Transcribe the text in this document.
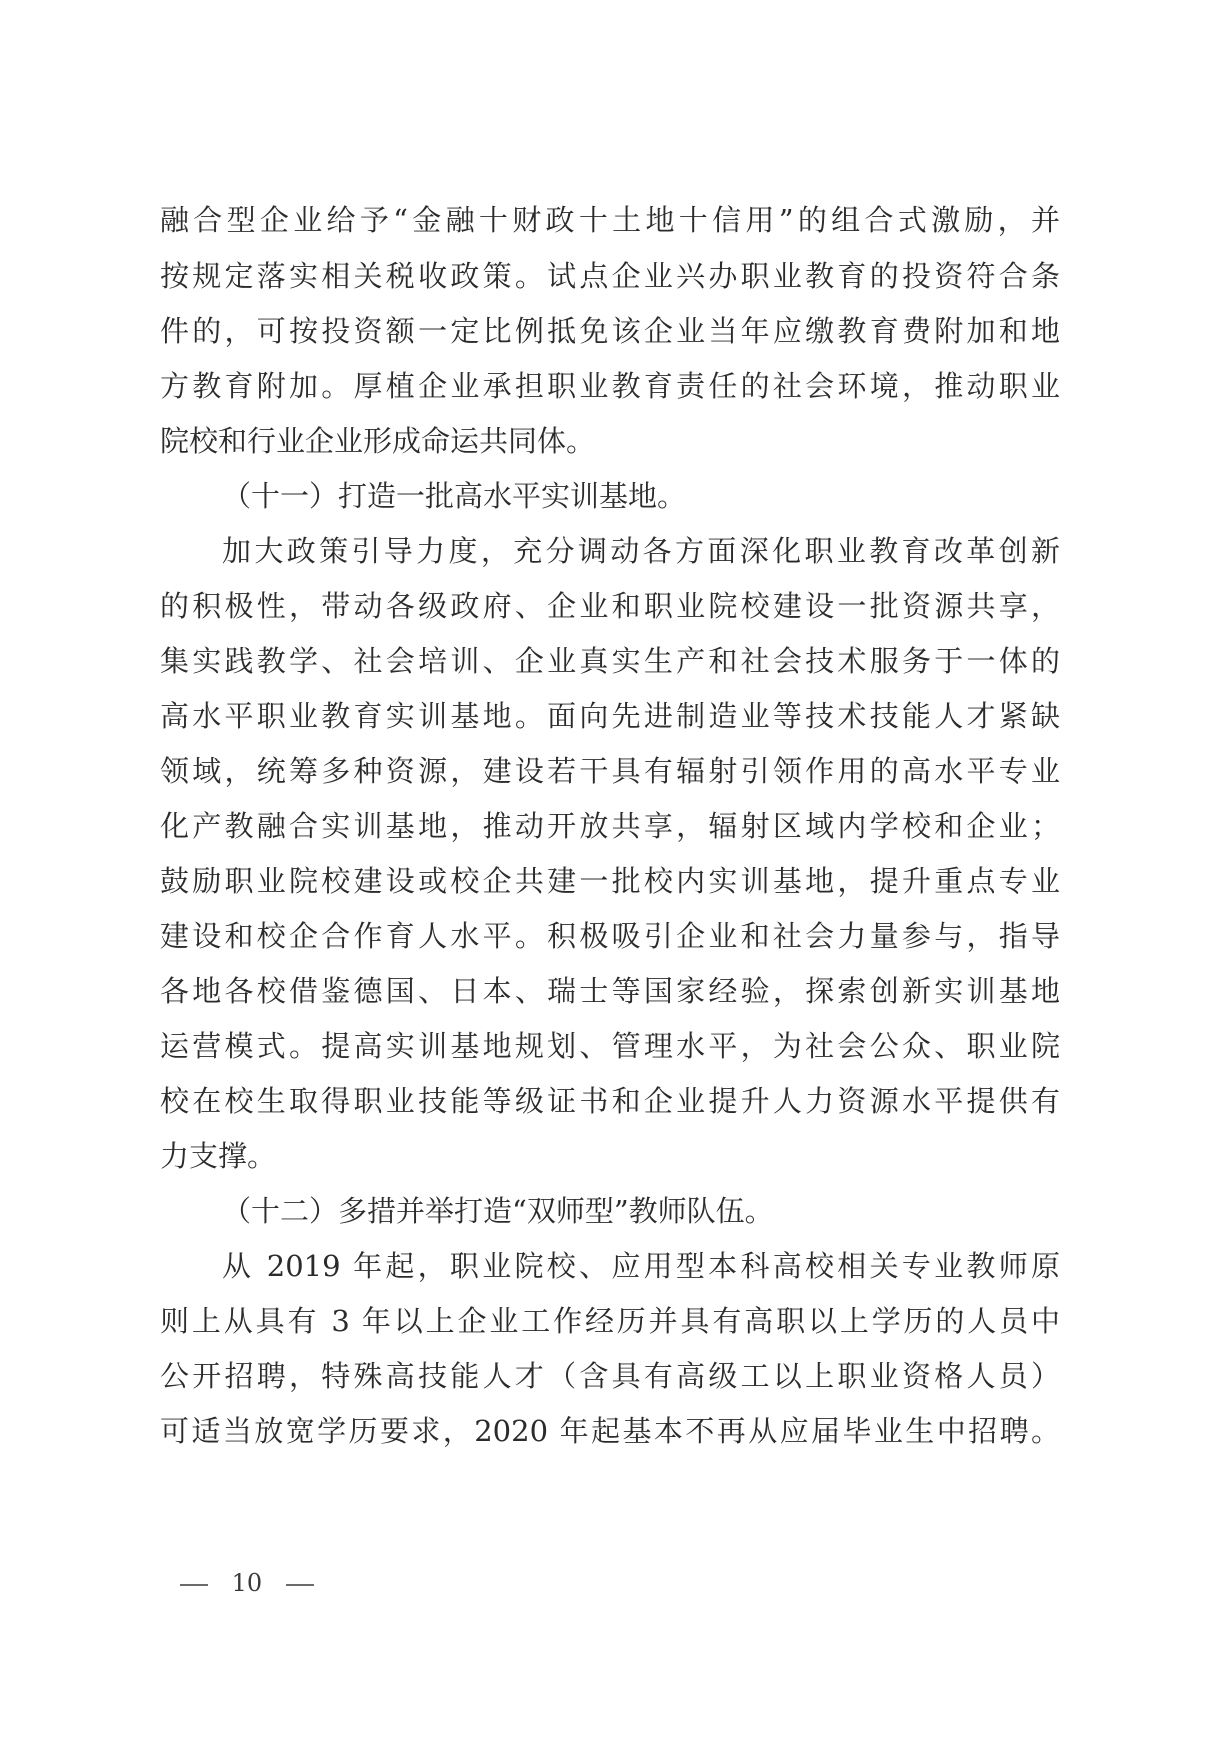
融合型企业给予“金融十财政十土地十信用”的组合式激励，并
按规定落实相关税收政策。试点企业兴办职业教育的投资符合条
件的，可按投资额一定比例抵免该企业当年应缴教育费附加和地
方教育附加。厚植企业承担职业教育责任的社会环境，推动职业
院校和行业企业形成命运共同体。
（十一）打造一批高水平实训基地。
加大政策引导力度，充分调动各方面深化职业教育改革创新
的积极性，带动各级政府、企业和职业院校建设一批资源共享，
集实践教学、社会培训、企业真实生产和社会技术服务于一体的
高水平职业教育实训基地。面向先进制造业等技术技能人才紧缺
领域，统筹多种资源，建设若干具有辐射引领作用的高水平专业
化产教融合实训基地，推动开放共享，辐射区域内学校和企业；
鼓励职业院校建设或校企共建一批校内实训基地，提升重点专业
建设和校企合作育人水平。积极吸引企业和社会力量参与，指导
各地各校借鉴德国、日本、瑞士等国家经验，探索创新实训基地
运营模式。提高实训基地规划、管理水平，为社会公众、职业院
校在校生取得职业技能等级证书和企业提升人力资源水平提供有
力支撑。
（十二）多措并举打造“双师型”教师队伍。
从 2019 年起，职业院校、应用型本科高校相关专业教师原
则上从具有 3 年以上企业工作经历并具有高职以上学历的人员中
公开招聘，特殊高技能人才（含具有高级工以上职业资格人员）
可适当放宽学历要求，2020 年起基本不再从应届毕业生中招聘。
10
